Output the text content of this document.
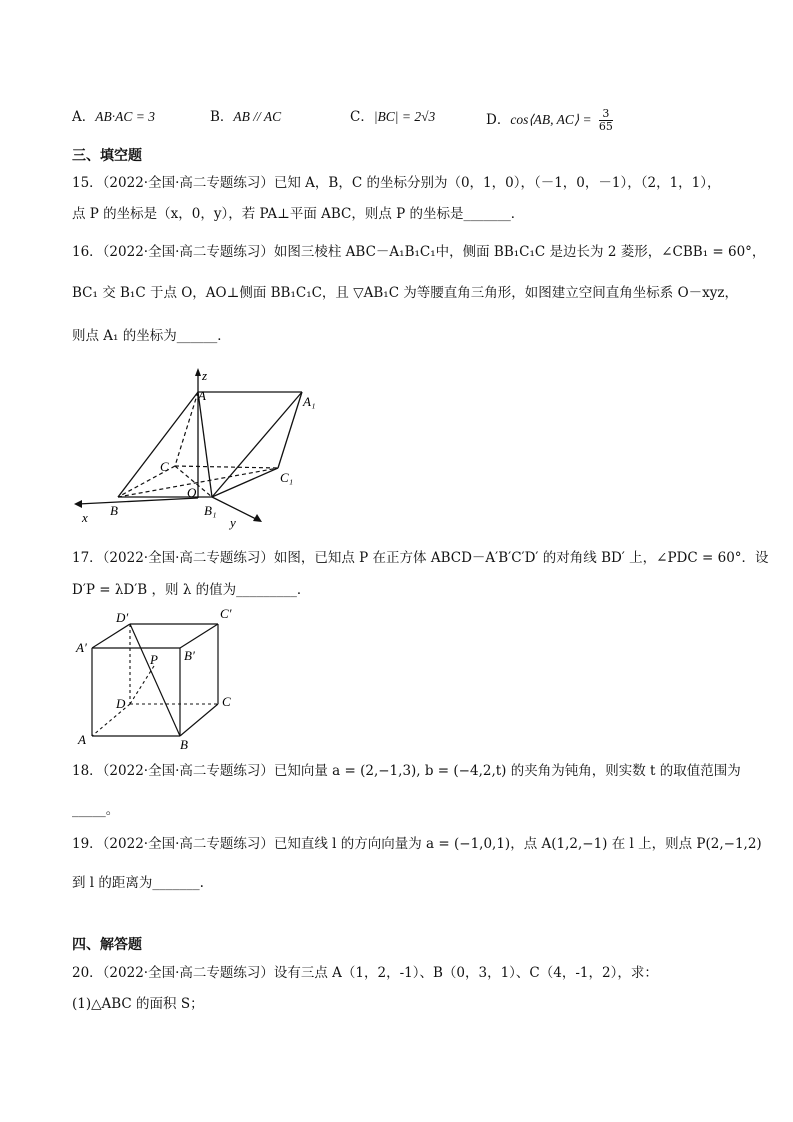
A．AB·AC = 3	B．AB // AC	C．|BC| = 2√3	D．cos⟨AB, AC⟩ = $\frac{3}{65}$
三、填空题
15．（2022·全国·高二专题练习）已知 A，B，C 的坐标分别为（0，1，0），（－1，0，－1），（2，1，1），
点 P 的坐标是（x，0，y），若 PA⊥平面 ABC，则点 P 的坐标是_______．
16．（2022·全国·高二专题练习）如图三棱柱 ABC－A₁B₁C₁中，侧面 BB₁C₁C 是边长为 2 菱形，∠CBB₁ = 60°，
BC₁ 交 B₁C 于点 O，AO⊥侧面 BB₁C₁C，且 ▽AB₁C 为等腰直角三角形，如图建立空间直角坐标系 O－xyz，
则点 A₁ 的坐标为______．
z
A	A₁
C
C₁
O
B	B₁
x	y
17．（2022·全国·高二专题练习）如图，已知点 P 在正方体 ABCD－A′B′C′D′ 的对角线 BD′ 上，∠PDC = 60°．设
D′P = λD′B ，则 λ 的值为_________．
D′	C′
A′
P B′
D	C
A	B
18．（2022·全国·高二专题练习）已知向量 a = (2,−1,3), b = (−4,2,t) 的夹角为钝角，则实数 t 的取值范围为
_____。
19．（2022·全国·高二专题练习）已知直线 l 的方向向量为 a = (−1,0,1)，点 A(1,2,−1) 在 l 上，则点 P(2,−1,2)
到 l 的距离为_______.
四、解答题
20．（2022·全国·高二专题练习）设有三点 A（1，2，-1）、B（0，3，1）、C（4，-1，2），求：
(1)△ABC 的面积 S；
